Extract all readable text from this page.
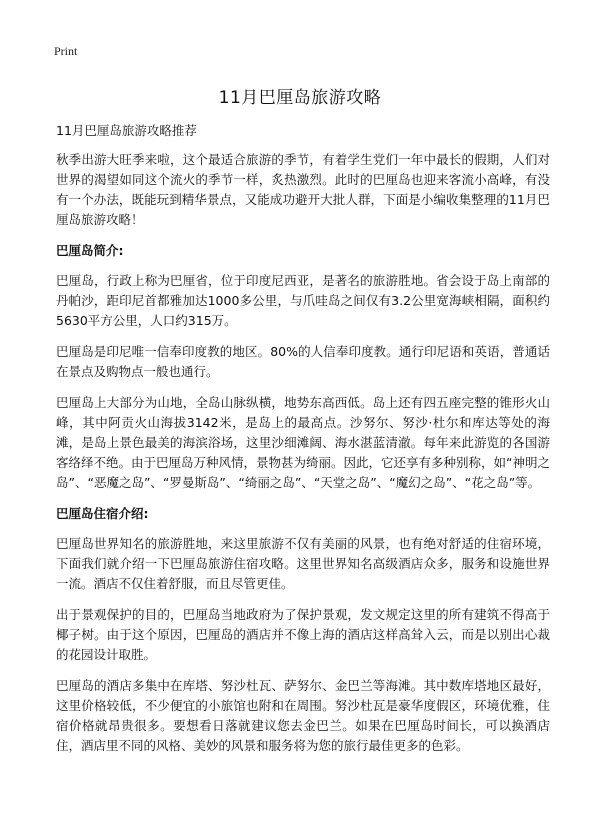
Print
11月巴厘岛旅游攻略

11月巴厘岛旅游攻略推荐

秋季出游大旺季来啦，这个最适合旅游的季节，有着学生党们一年中最长的假期，人们对世界的渴望如同这个流火的季节一样，炙热激烈。此时的巴厘岛也迎来客流小高峰，有没有一个办法，既能玩到精华景点，又能成功避开大批人群，下面是小编收集整理的11月巴厘岛旅游攻略！

巴厘岛简介:

巴厘岛，行政上称为巴厘省，位于印度尼西亚，是著名的旅游胜地。省会设于岛上南部的丹帕沙，距印尼首都雅加达1000多公里，与爪哇岛之间仅有3.2公里宽海峡相隔，面积约5630平方公里，人口约315万。

巴厘岛是印尼唯一信奉印度教的地区。80%的人信奉印度教。通行印尼语和英语，普通话在景点及购物点一般也通行。

巴厘岛上大部分为山地，全岛山脉纵横，地势东高西低。岛上还有四五座完整的锥形火山峰，其中阿贡火山海拔3142米，是岛上的最高点。沙努尔、努沙·杜尔和库达等处的海滩，是岛上景色最美的海滨浴场，这里沙细滩阔、海水湛蓝清澈。每年来此游览的各国游客络绎不绝。由于巴厘岛万种风情，景物甚为绮丽。因此，它还享有多种别称，如“神明之岛”、“恶魔之岛”、“罗曼斯岛”、“绮丽之岛”、“天堂之岛”、“魔幻之岛”、“花之岛”等。

巴厘岛住宿介绍:

巴厘岛世界知名的旅游胜地，来这里旅游不仅有美丽的风景，也有绝对舒适的住宿环境，下面我们就介绍一下巴厘岛旅游住宿攻略。这里世界知名高级酒店众多，服务和设施世界一流。酒店不仅住着舒服，而且尽管更佳。

出于景观保护的目的，巴厘岛当地政府为了保护景观，发文规定这里的所有建筑不得高于椰子树。由于这个原因，巴厘岛的酒店并不像上海的酒店这样高耸入云，而是以别出心裁的花园设计取胜。

巴厘岛的酒店多集中在库塔、努沙杜瓦、萨努尔、金巴兰等海滩。其中数库塔地区最好，这里价格较低，不少便宜的小旅馆也附和在周围。努沙杜瓦是豪华度假区，环境优雅，住宿价格就昂贵很多。要想看日落就建议您去金巴兰。如果在巴厘岛时间长，可以换酒店住，酒店里不同的风格、美妙的风景和服务将为您的旅行最佳更多的色彩。
